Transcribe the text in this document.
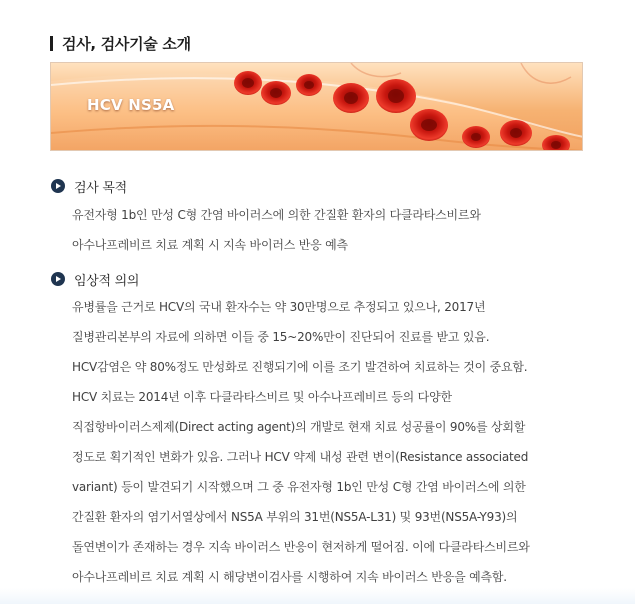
검사, 검사기술 소개
HCV NS5A
검사 목적
유전자형 1b인 만성 C형 간염 바이러스에 의한 간질환 환자의 다클라타스비르와
아수나프레비르 치료 계획 시 지속 바이러스 반응 예측
임상적 의의
유병률을 근거로 HCV의 국내 환자수는 약 30만명으로 추정되고 있으나, 2017년
질병관리본부의 자료에 의하면 이들 중 15~20%만이 진단되어 진료를 받고 있음.
HCV감염은 약 80%정도 만성화로 진행되기에 이를 조기 발견하여 치료하는 것이 중요함.
HCV 치료는 2014년 이후 다클라타스비르 및 아수나프레비르 등의 다양한
직접항바이러스제제(Direct acting agent)의 개발로 현재 치료 성공률이 90%를 상회할
정도로 획기적인 변화가 있음. 그러나 HCV 약제 내성 관련 변이(Resistance associated
variant) 등이 발견되기 시작했으며 그 중 유전자형 1b인 만성 C형 간염 바이러스에 의한
간질환 환자의 염기서열상에서 NS5A 부위의 31번(NS5A-L31) 및 93번(NS5A-Y93)의
돌연변이가 존재하는 경우 지속 바이러스 반응이 현저하게 떨어짐. 이에 다클라타스비르와
아수나프레비르 치료 계획 시 해당변이검사를 시행하여 지속 바이러스 반응을 예측함.
